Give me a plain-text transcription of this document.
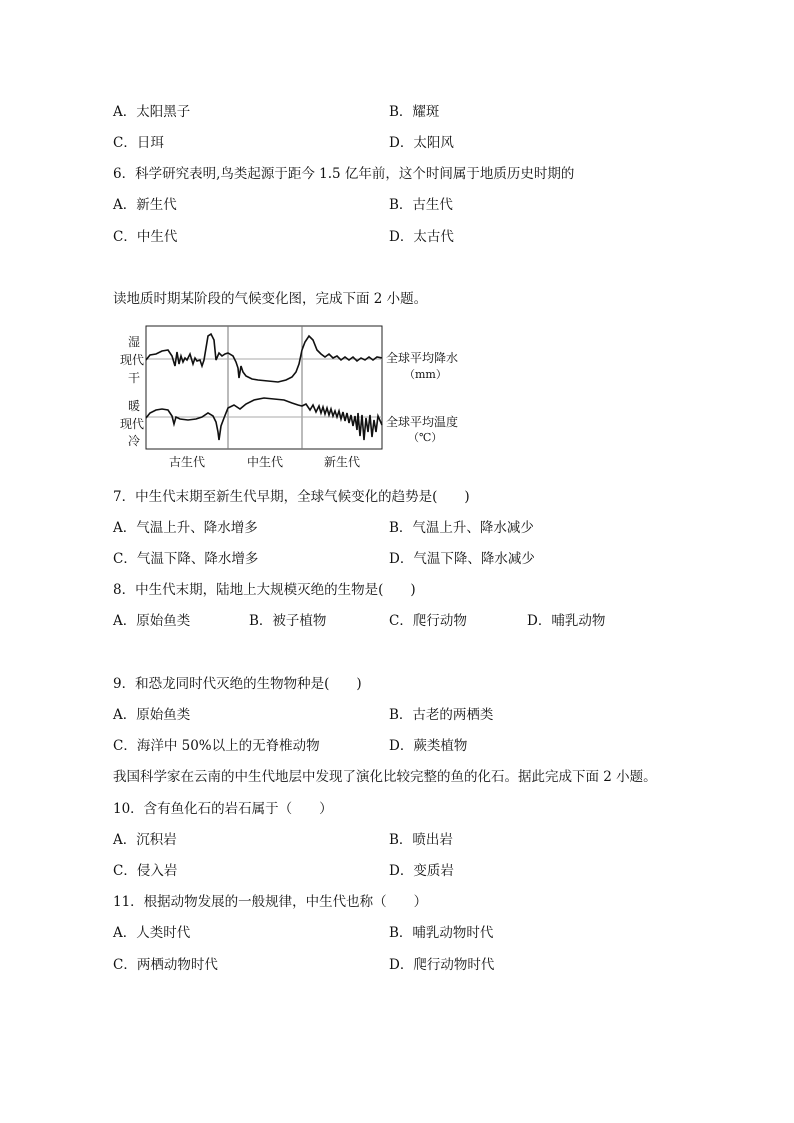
A．太阳黑子	B．耀斑
C．日珥	D．太阳风
6．科学研究表明,鸟类起源于距今 1.5 亿年前，这个时间属于地质历史时期的
A．新生代	B．古生代
C．中生代	D．太古代
读地质时期某阶段的气候变化图，完成下面 2 小题。
湿
现代
干
暖
现代
冷
全球平均降水
（mm）
全球平均温度
（℃）
古生代	中生代	新生代
7．中生代末期至新生代早期，全球气候变化的趋势是(　　)
A．气温上升、降水增多	B．气温上升、降水减少
C．气温下降、降水增多	D．气温下降、降水减少
8．中生代末期，陆地上大规模灭绝的生物是(　　)
A．原始鱼类	B．被子植物	C．爬行动物	D．哺乳动物
9．和恐龙同时代灭绝的生物物种是(　　)
A．原始鱼类	B．古老的两栖类
C．海洋中 50%以上的无脊椎动物	D．蕨类植物
我国科学家在云南的中生代地层中发现了演化比较完整的鱼的化石。据此完成下面 2 小题。
10．含有鱼化石的岩石属于（　　）
A．沉积岩	B．喷出岩
C．侵入岩	D．变质岩
11．根据动物发展的一般规律，中生代也称（　　）
A．人类时代	B．哺乳动物时代
C．两栖动物时代	D．爬行动物时代
